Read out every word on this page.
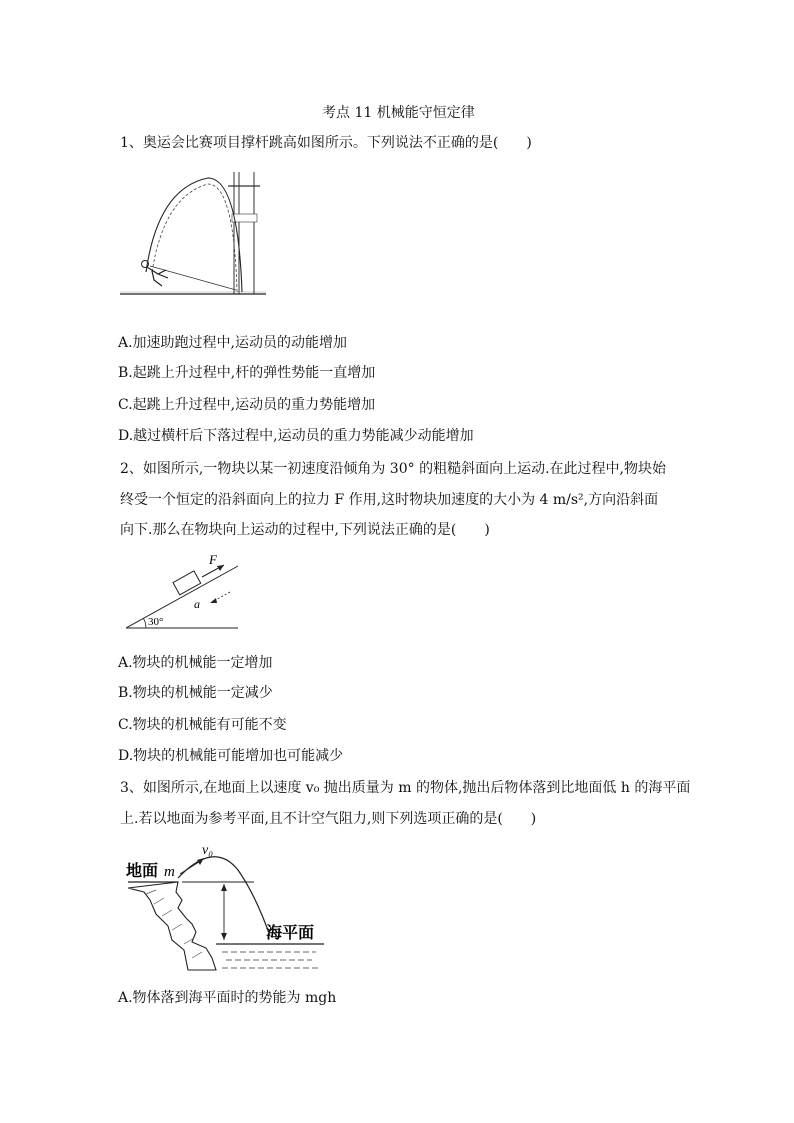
考点 11 机械能守恒定律
1、奥运会比赛项目撑杆跳高如图所示。下列说法不正确的是(　　)
A.加速助跑过程中,运动员的动能增加
B.起跳上升过程中,杆的弹性势能一直增加
C.起跳上升过程中,运动员的重力势能增加
D.越过横杆后下落过程中,运动员的重力势能减少动能增加
2、如图所示,一物块以某一初速度沿倾角为 30° 的粗糙斜面向上运动.在此过程中,物块始
终受一个恒定的沿斜面向上的拉力 F 作用,这时物块加速度的大小为 4 m/s²,方向沿斜面
向下.那么在物块向上运动的过程中,下列说法正确的是(　　)
30°
F
a
A.物块的机械能一定增加
B.物块的机械能一定减少
C.物块的机械能有可能不变
D.物块的机械能可能增加也可能减少
3、如图所示,在地面上以速度 v₀ 抛出质量为 m 的物体,抛出后物体落到比地面低 h 的海平面
上.若以地面为参考平面,且不计空气阻力,则下列选项正确的是(　　)
地面 m
v₀
海平面
A.物体落到海平面时的势能为 mgh
